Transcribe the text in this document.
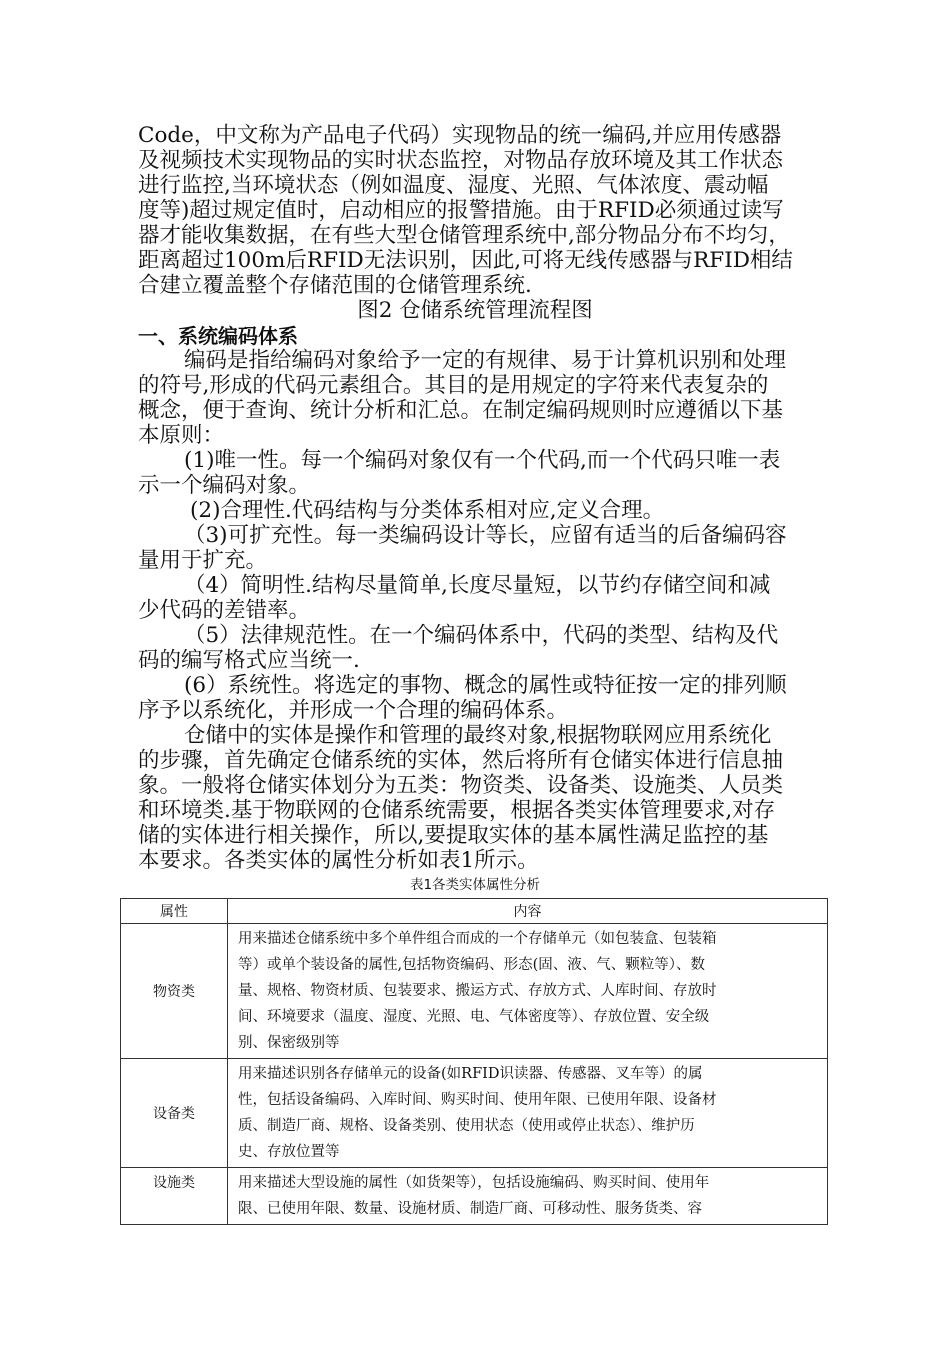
Code，中文称为产品电子代码）实现物品的统一编码,并应用传感器
及视频技术实现物品的实时状态监控，对物品存放环境及其工作状态
进行监控,当环境状态（例如温度、湿度、光照、气体浓度、震动幅
度等)超过规定值时，启动相应的报警措施。由于RFID必须通过读写
器才能收集数据，在有些大型仓储管理系统中,部分物品分布不均匀，
距离超过100m后RFID无法识别，因此,可将无线传感器与RFID相结
合建立覆盖整个存储范围的仓储管理系统.
图2 仓储系统管理流程图
一、系统编码体系
编码是指给编码对象给予一定的有规律、易于计算机识别和处理
的符号,形成的代码元素组合。其目的是用规定的字符来代表复杂的
概念，便于查询、统计分析和汇总。在制定编码规则时应遵循以下基
本原则：
(1)唯一性。每一个编码对象仅有一个代码,而一个代码只唯一表
示一个编码对象。
(2)合理性.代码结构与分类体系相对应,定义合理。
（3)可扩充性。每一类编码设计等长，应留有适当的后备编码容
量用于扩充。
（4）简明性.结构尽量简单,长度尽量短，以节约存储空间和减
少代码的差错率。
（5）法律规范性。在一个编码体系中，代码的类型、结构及代
码的编写格式应当统一.
(6）系统性。将选定的事物、概念的属性或特征按一定的排列顺
序予以系统化，并形成一个合理的编码体系。
仓储中的实体是操作和管理的最终对象,根据物联网应用系统化
的步骤，首先确定仓储系统的实体，然后将所有仓储实体进行信息抽
象。一般将仓储实体划分为五类：物资类、设备类、设施类、人员类
和环境类.基于物联网的仓储系统需要，根据各类实体管理要求,对存
储的实体进行相关操作，所以,要提取实体的基本属性满足监控的基
本要求。各类实体的属性分析如表1所示。
表1各类实体属性分析
属性	内容
物资类	用来描述仓储系统中多个单件组合而成的一个存储单元（如包装盒、包装箱
等）或单个装设备的属性,包括物资编码、形态(固、液、气、颗粒等）、数
量、规格、物资材质、包装要求、搬运方式、存放方式、人库时间、存放时
间、环境要求（温度、湿度、光照、电、气体密度等）、存放位置、安全级
别、保密级别等

设备类	用来描述识别各存储单元的设备(如RFID识读器、传感器、叉车等）的属
性，包括设备编码、入库时间、购买时间、使用年限、已使用年限、设备材
质、制造厂商、规格、设备类别、使用状态（使用或停止状态）、维护历
史、存放位置等

设施类	用来描述大型设施的属性（如货架等），包括设施编码、购买时间、使用年
限、已使用年限、数量、设施材质、制造厂商、可移动性、服务货类、容
